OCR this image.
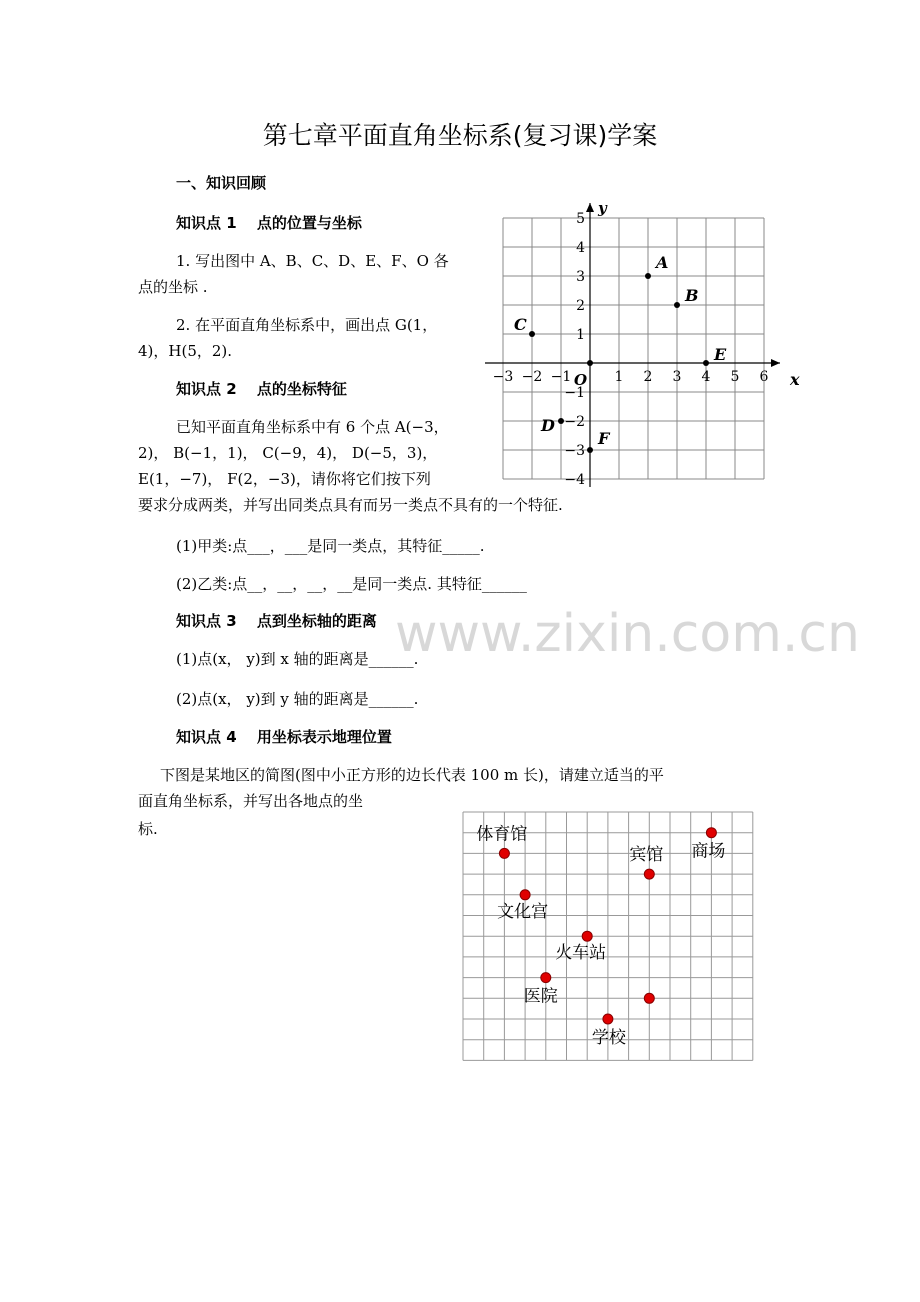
第七章平面直角坐标系(复习课)学案
一、知识回顾
知识点 1　 点的位置与坐标
1. 写出图中 A、B、C、D、E、F、O 各
点的坐标 .
2. 在平面直角坐标系中，画出点 G(1，
4)，H(5，2).
知识点 2　 点的坐标特征
已知平面直角坐标系中有 6 个点 A(−3，
2)， B(−1，1)， C(−9，4)， D(−5，3)，
E(1，−7)， F(2，−3)，请你将它们按下列
要求分成两类，并写出同类点具有而另一类点不具有的一个特征.
(1)甲类:点___，___是同一类点，其特征_____.
(2)乙类:点__，__，__，__是同一类点. 其特征______
知识点 3　 点到坐标轴的距离
(1)点(x， y)到 x 轴的距离是______.
(2)点(x， y)到 y 轴的距离是______.
知识点 4　 用坐标表示地理位置
下图是某地区的简图(图中小正方形的边长代表 100 m 长)，请建立适当的平
面直角坐标系，并写出各地点的坐
标.
www.zixin.com.cn
x
y
O
−3 −2 −1	1 2 3 4 5 6
5
4
3
2
1
−1
−2
−3
−4
A
B
C
D
E
F
体育馆
宾馆 商场
文化宫
火车站
医院
学校
